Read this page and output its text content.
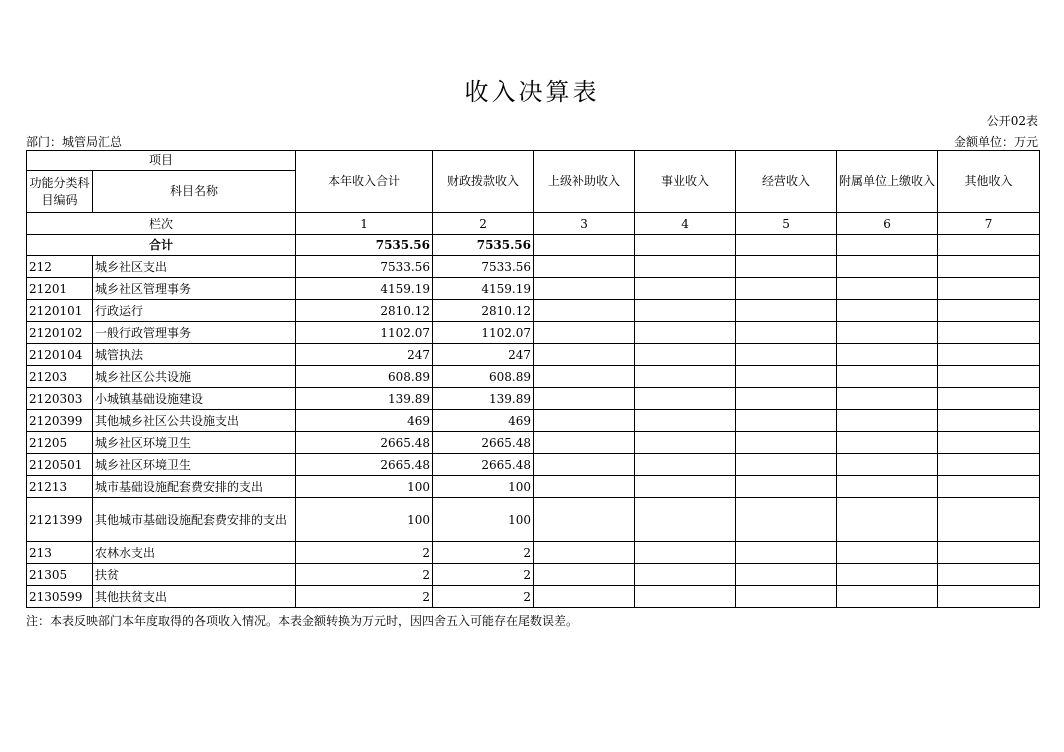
收入决算表
公开02表
部门：城管局汇总	金额单位：万元
项目		本年收入合计	财政拨款收入	上级补助收入	事业收入	经营收入	附属单位上缴收入	其他收入
功能分类科目编码	科目名称							
栏次		1	2	3	4	5	6	7
合计		7535.56	7535.56					
212	城乡社区支出	7533.56	7533.56					
21201	城乡社区管理事务	4159.19	4159.19					
2120101	行政运行	2810.12	2810.12					
2120102	一般行政管理事务	1102.07	1102.07					
2120104	城管执法	247	247					
21203	城乡社区公共设施	608.89	608.89					
2120303	小城镇基础设施建设	139.89	139.89					
2120399	其他城乡社区公共设施支出	469	469					
21205	城乡社区环境卫生	2665.48	2665.48					
2120501	城乡社区环境卫生	2665.48	2665.48					
21213	城市基础设施配套费安排的支出	100	100					
2121399	其他城市基础设施配套费安排的支出	100	100					
213	农林水支出	2	2					
21305	扶贫	2	2					
2130599	其他扶贫支出	2	2					
注：本表反映部门本年度取得的各项收入情况。本表金额转换为万元时，因四舍五入可能存在尾数误差。
